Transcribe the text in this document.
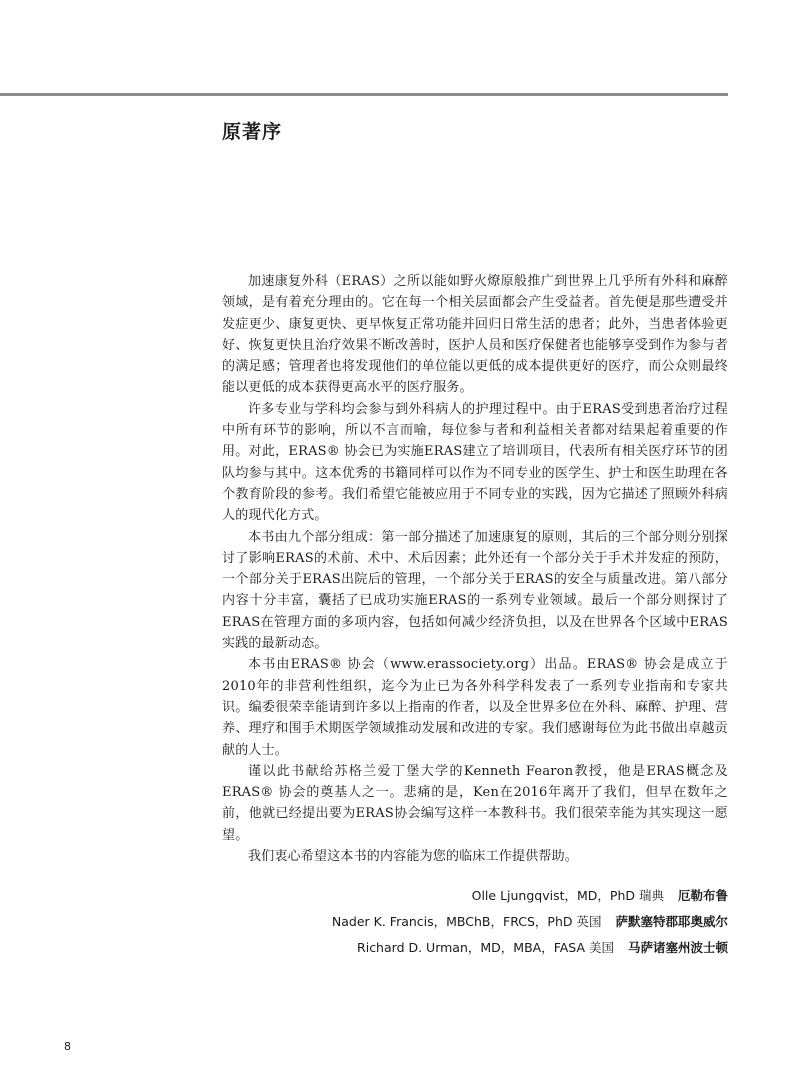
原著序

加速康复外科（ERAS）之所以能如野火燎原般推广到世界上几乎所有外科和麻醉领域，是有着充分理由的。它在每一个相关层面都会产生受益者。首先便是那些遭受并发症更少、康复更快、更早恢复正常功能并回归日常生活的患者；此外，当患者体验更好、恢复更快且治疗效果不断改善时，医护人员和医疗保健者也能够享受到作为参与者的满足感；管理者也将发现他们的单位能以更低的成本提供更好的医疗，而公众则最终能以更低的成本获得更高水平的医疗服务。

许多专业与学科均会参与到外科病人的护理过程中。由于ERAS受到患者治疗过程中所有环节的影响，所以不言而喻，每位参与者和利益相关者都对结果起着重要的作用。对此，ERAS® 协会已为实施ERAS建立了培训项目，代表所有相关医疗环节的团队均参与其中。这本优秀的书籍同样可以作为不同专业的医学生、护士和医生助理在各个教育阶段的参考。我们希望它能被应用于不同专业的实践，因为它描述了照顾外科病人的现代化方式。

本书由九个部分组成：第一部分描述了加速康复的原则，其后的三个部分则分别探讨了影响ERAS的术前、术中、术后因素；此外还有一个部分关于手术并发症的预防，一个部分关于ERAS出院后的管理，一个部分关于ERAS的安全与质量改进。第八部分内容十分丰富，囊括了已成功实施ERAS的一系列专业领域。最后一个部分则探讨了ERAS在管理方面的多项内容，包括如何减少经济负担，以及在世界各个区域中ERAS实践的最新动态。

本书由ERAS® 协会（www.erassociety.org）出品。ERAS® 协会是成立于2010年的非营利性组织，迄今为止已为各外科学科发表了一系列专业指南和专家共识。编委很荣幸能请到许多以上指南的作者，以及全世界多位在外科、麻醉、护理、营养、理疗和围手术期医学领域推动发展和改进的专家。我们感谢每位为此书做出卓越贡献的人士。

谨以此书献给苏格兰爱丁堡大学的Kenneth Fearon教授，他是ERAS概念及ERAS® 协会的奠基人之一。悲痛的是，Ken在2016年离开了我们，但早在数年之前，他就已经提出要为ERAS协会编写这样一本教科书。我们很荣幸能为其实现这一愿望。

我们衷心希望这本书的内容能为您的临床工作提供帮助。

Olle Ljungqvist，MD，PhD 瑞典 厄勒布鲁
Nader K. Francis，MBChB，FRCS，PhD 英国 萨默塞特郡耶奥威尔
Richard D. Urman，MD，MBA，FASA 美国 马萨诸塞州波士顿
8
